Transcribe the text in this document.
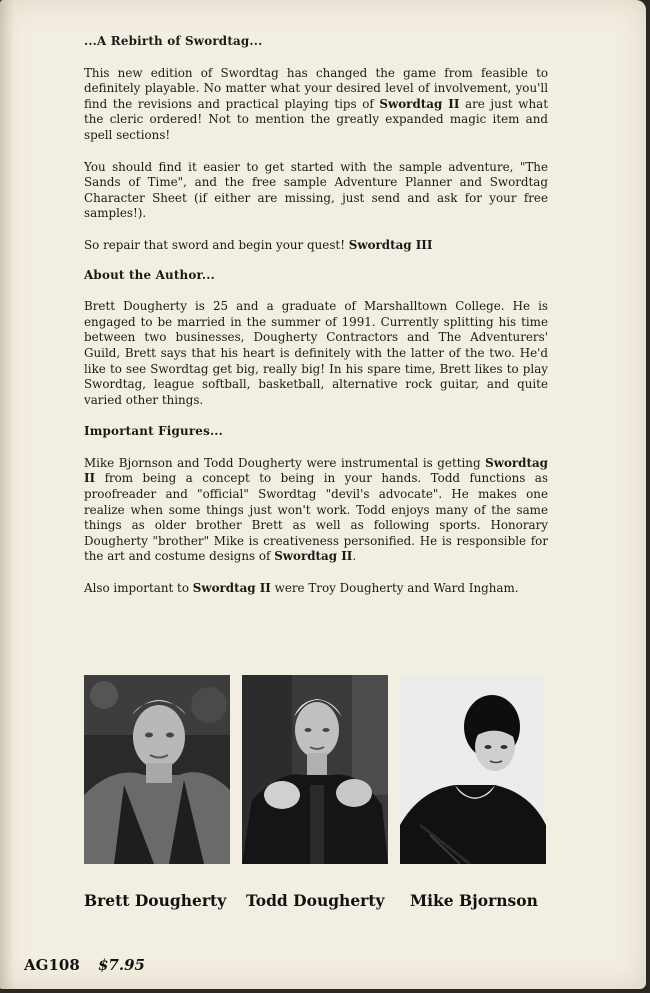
...A Rebirth of Swordtag...

This new edition of Swordtag has changed the game from feasible to definitely playable. No matter what your desired level of involvement, you'll find the revisions and practical playing tips of Swordtag II are just what the cleric ordered! Not to mention the greatly expanded magic item and spell sections!

You should find it easier to get started with the sample adventure, "The Sands of Time", and the free sample Adventure Planner and Swordtag Character Sheet (if either are missing, just send and ask for your free samples!).

So repair that sword and begin your quest! Swordtag III

About the Author...

Brett Dougherty is 25 and a graduate of Marshalltown College. He is engaged to be married in the summer of 1991. Currently splitting his time between two businesses, Dougherty Contractors and The Adventurers' Guild, Brett says that his heart is definitely with the latter of the two. He'd like to see Swordtag get big, really big! In his spare time, Brett likes to play Swordtag, league softball, basketball, alternative rock guitar, and quite varied other things.

Important Figures...

Mike Bjornson and Todd Dougherty were instrumental is getting Swordtag II from being a concept to being in your hands. Todd functions as proofreader and "official" Swordtag "devil's advocate". He makes one realize when some things just won't work. Todd enjoys many of the same things as older brother Brett as well as following sports. Honorary Dougherty "brother" Mike is creativeness personified. He is responsible for the art and costume designs of Swordtag II.

Also important to Swordtag II were Troy Dougherty and Ward Ingham.

Brett Dougherty Todd Dougherty Mike Bjornson
AG108 $7.95
